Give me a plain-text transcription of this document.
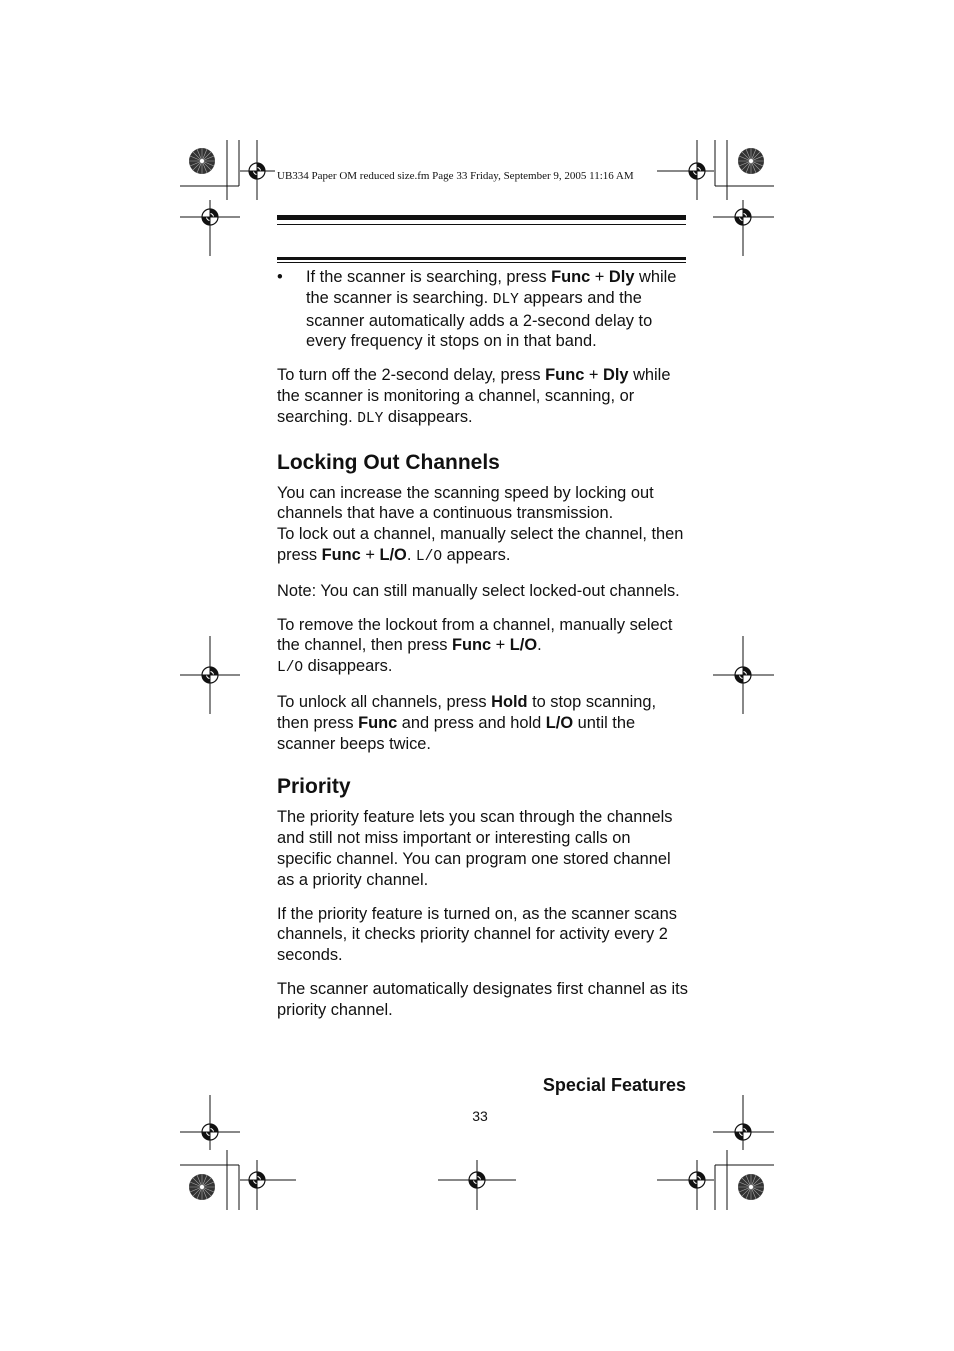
UB334 Paper OM reduced size.fm Page 33 Friday, September 9, 2005 11:16 AM
•	If the scanner is searching, press Func + Dly while the scanner is searching. DLY appears and the scanner automatically adds a 2-second delay to every frequency it stops on in that band.

To turn off the 2-second delay, press Func + Dly while the scanner is monitoring a channel, scanning, or searching. DLY disappears.

Locking Out Channels

You can increase the scanning speed by locking out channels that have a continuous transmission.
To lock out a channel, manually select the channel, then press Func + L/O. L/O appears.

Note: You can still manually select locked-out channels.

To remove the lockout from a channel, manually select the channel, then press Func + L/O.
L/O disappears.

To unlock all channels, press Hold to stop scanning, then press Func and press and hold L/O until the scanner beeps twice.

Priority

The priority feature lets you scan through the channels and still not miss important or interesting calls on specific channel. You can program one stored channel as a priority channel.

If the priority feature is turned on, as the scanner scans channels, it checks priority channel for activity every 2 seconds.

The scanner automatically designates first channel as its priority channel.

Special Features
33
